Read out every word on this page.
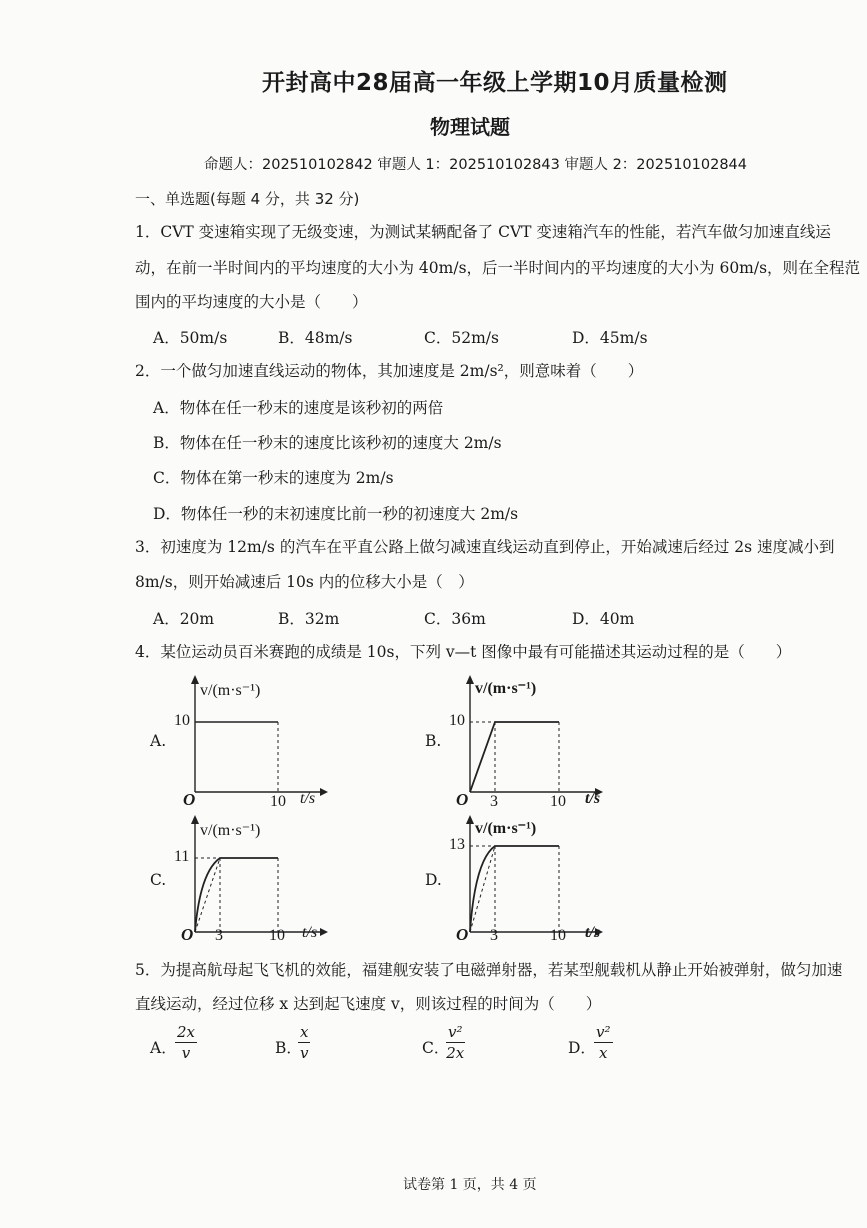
开封高中28届高一年级上学期10月质量检测
物理试题
命题人：202510102842 审题人 1：202510102843 审题人 2：202510102844
一、单选题(每题 4 分，共 32 分)
1．CVT 变速箱实现了无级变速，为测试某辆配备了 CVT 变速箱汽车的性能，若汽车做匀加速直线运
动，在前一半时间内的平均速度的大小为 40m/s，后一半时间内的平均速度的大小为 60m/s，则在全程范
围内的平均速度的大小是（　　）
A．50m/s	B．48m/s	C．52m/s	D．45m/s
2．一个做匀加速直线运动的物体，其加速度是 2m/s²，则意味着（　　）
A．物体在任一秒末的速度是该秒初的两倍
B．物体在任一秒末的速度比该秒初的速度大 2m/s
C．物体在第一秒末的速度为 2m/s
D．物体任一秒的末初速度比前一秒的初速度大 2m/s
3．初速度为 12m/s 的汽车在平直公路上做匀减速直线运动直到停止，开始减速后经过 2s 速度减小到
8m/s，则开始减速后 10s 内的位移大小是（　）
A．20m	B．32m	C．36m	D．40m
4．某位运动员百米赛跑的成绩是 10s，下列 v—t 图像中最有可能描述其运动过程的是（　　）
A.
v/(m·s⁻¹)
10
O	10 t/s
B.
v/(m·s⁻¹)
10
O 3	10 t/s
C.
v/(m·s⁻¹)
11
O 3	10 t/s
D.
v/(m·s⁻¹)
13
O 3	10 t/s
5．为提高航母起飞飞机的效能，福建舰安装了电磁弹射器，若某型舰载机从静止开始被弹射，做匀加速
直线运动，经过位移 x 达到起飞速度 v，则该过程的时间为（　　）
A．
$\frac{2x}{v}$	B．
$\frac{x}{v}$	C．
$\frac{\text{v²}}{2x}$	D．
$\frac{\text{v²}}{x}$
试卷第 1 页，共 4 页
